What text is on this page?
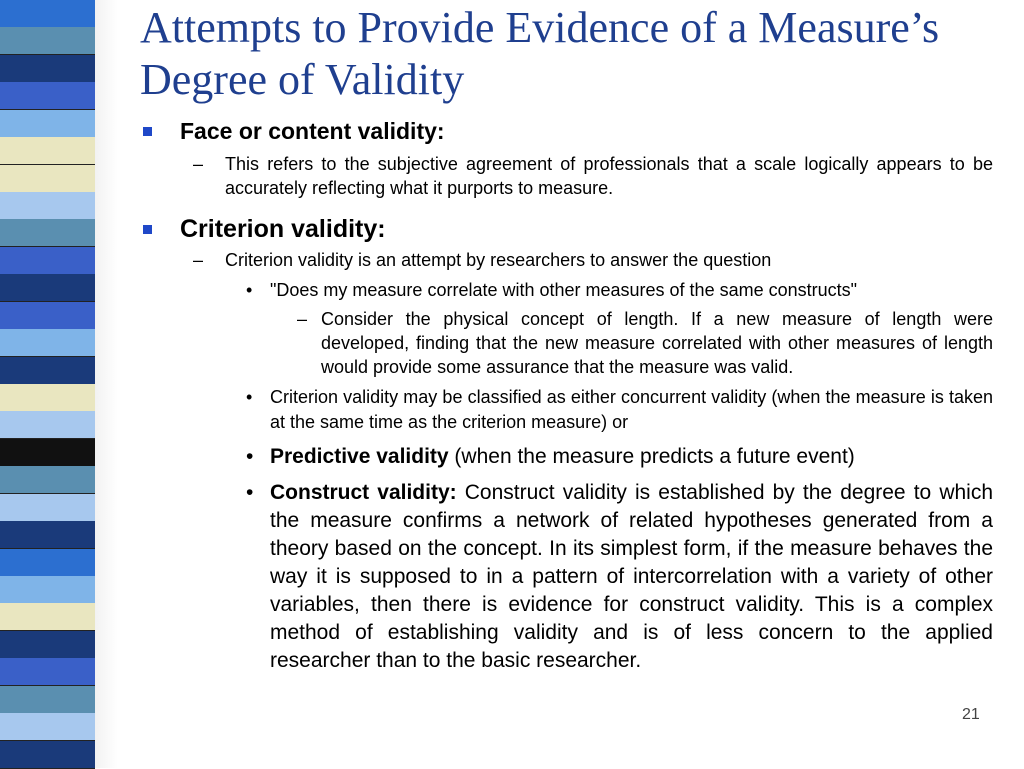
Attempts to Provide Evidence of a Measure’s Degree of Validity
Face or content validity:
– This refers to the subjective agreement of professionals that a scale logically appears to be accurately reflecting what it purports to measure.
Criterion validity:
– Criterion validity is an attempt by researchers to answer the question
• "Does my measure correlate with other measures of the same constructs"
– Consider the physical concept of length. If a new measure of length were developed, finding that the new measure correlated with other measures of length would provide some assurance that the measure was valid.
• Criterion validity may be classified as either concurrent validity (when the measure is taken at the same time as the criterion measure) or
• Predictive validity (when the measure predicts a future event)
• Construct validity: Construct validity is established by the degree to which the measure confirms a network of related hypotheses generated from a theory based on the concept. In its simplest form, if the measure behaves the way it is supposed to in a pattern of intercorrelation with a variety of other variables, then there is evidence for construct validity. This is a complex method of establishing validity and is of less concern to the applied researcher than to the basic researcher.
21
